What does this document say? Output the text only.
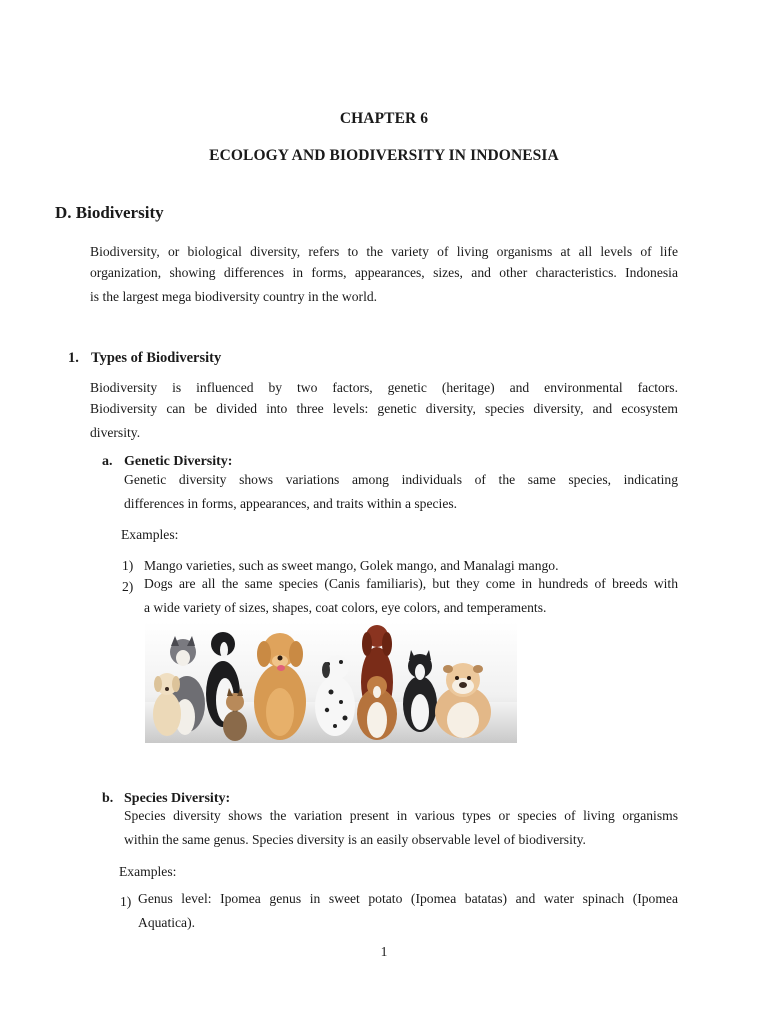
CHAPTER 6
ECOLOGY AND BIODIVERSITY IN INDONESIA
D. Biodiversity
Biodiversity, or biological diversity, refers to the variety of living organisms at all levels of life
organization, showing differences in forms, appearances, sizes, and other characteristics. Indonesia
is the largest mega biodiversity country in the world.
1. Types of Biodiversity
Biodiversity is influenced by two factors, genetic (heritage) and environmental factors.
Biodiversity can be divided into three levels: genetic diversity, species diversity, and ecosystem
diversity.
a. Genetic Diversity:
Genetic diversity shows variations among individuals of the same species, indicating
differences in forms, appearances, and traits within a species.
Examples:
1) Mango varieties, such as sweet mango, Golek mango, and Manalagi mango.
2) Dogs are all the same species (Canis familiaris), but they come in hundreds of breeds with
a wide variety of sizes, shapes, coat colors, eye colors, and temperaments.
b. Species Diversity:
Species diversity shows the variation present in various types or species of living organisms
within the same genus. Species diversity is an easily observable level of biodiversity.
Examples:
1) Genus level: Ipomea genus in sweet potato (Ipomea batatas) and water spinach (Ipomea
Aquatica).
1
